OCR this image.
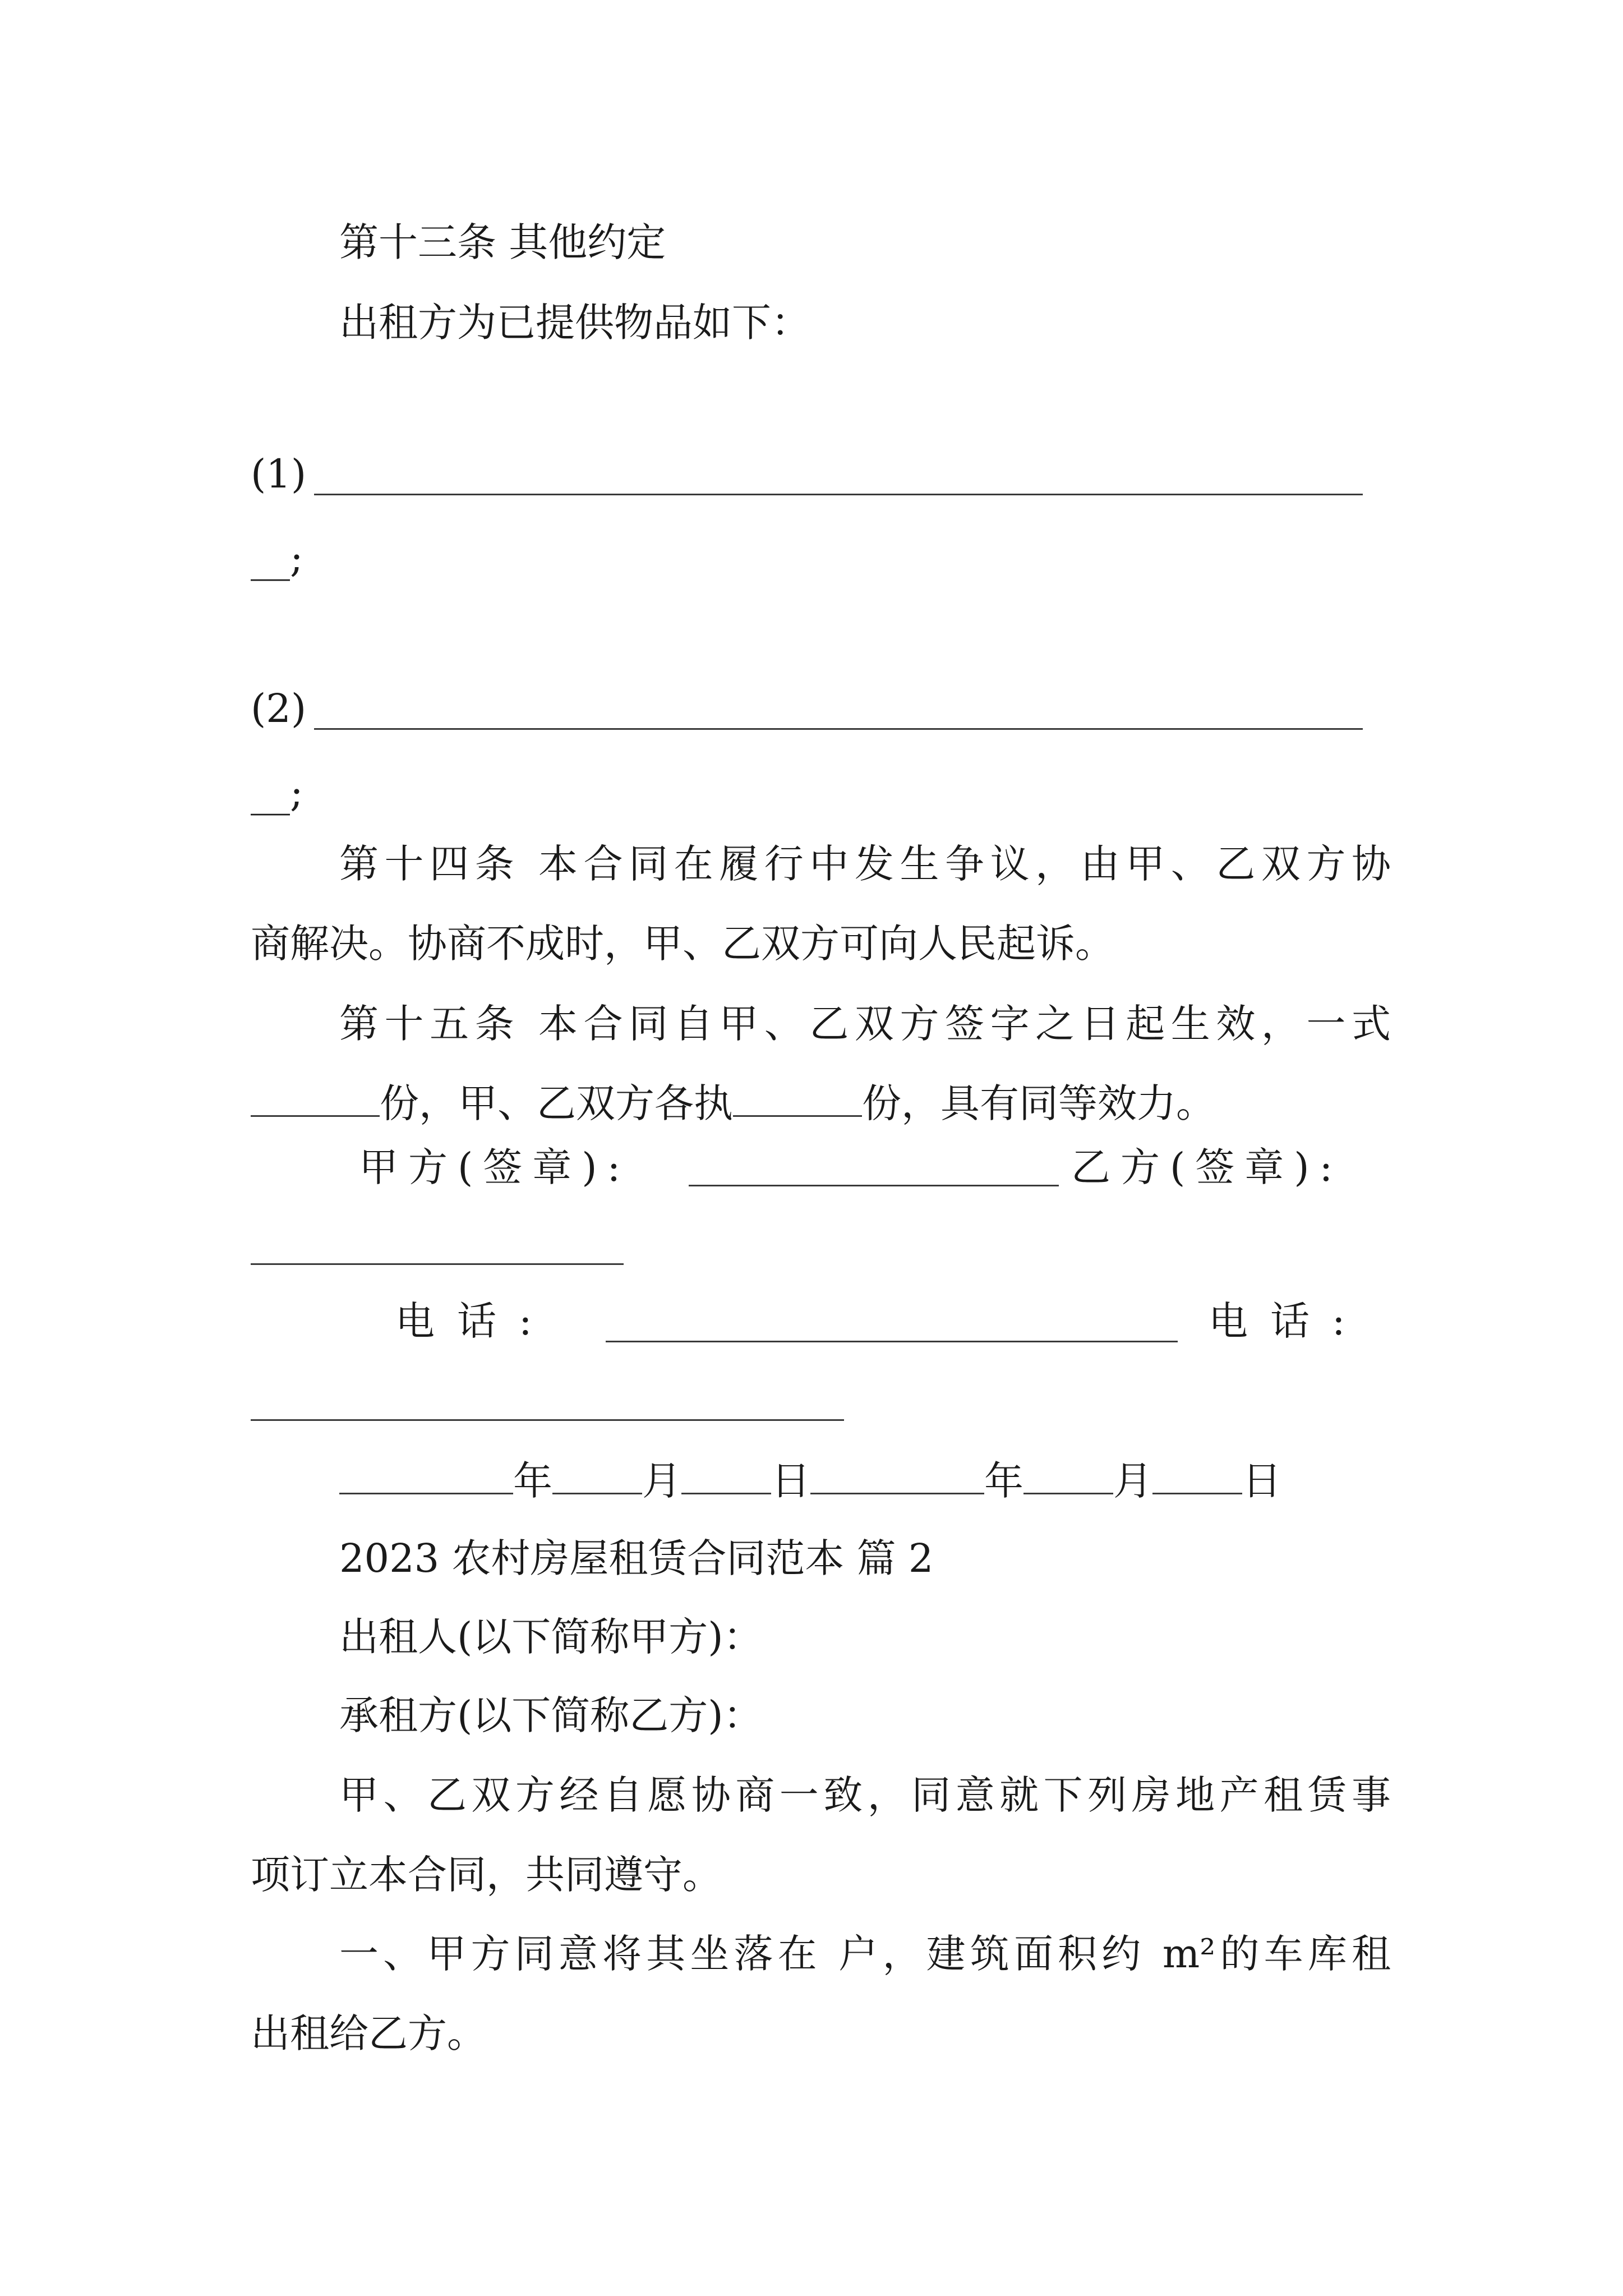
第十三条 其他约定
出租方为已提供物品如下：
(1)
__;
(2)
__;
第十四条 本合同在履行中发生争议，由甲、乙双方协
商解决。协商不成时，甲、乙双方可向人民起诉。
第十五条 本合同自甲、乙双方签字之日起生效，一式
份，甲、乙双方各执	份，具有同等效力。
甲方(签章):	乙方(签章):
电话:	电话:
年 月 日	年 月 日
2023 农村房屋租赁合同范本 篇 2
出租人(以下简称甲方)：
承租方(以下简称乙方)：
甲、乙双方经自愿协商一致，同意就下列房地产租赁事
项订立本合同，共同遵守。
一、甲方同意将其坐落在 户，建筑面积约 m²的车库租
出租给乙方。
